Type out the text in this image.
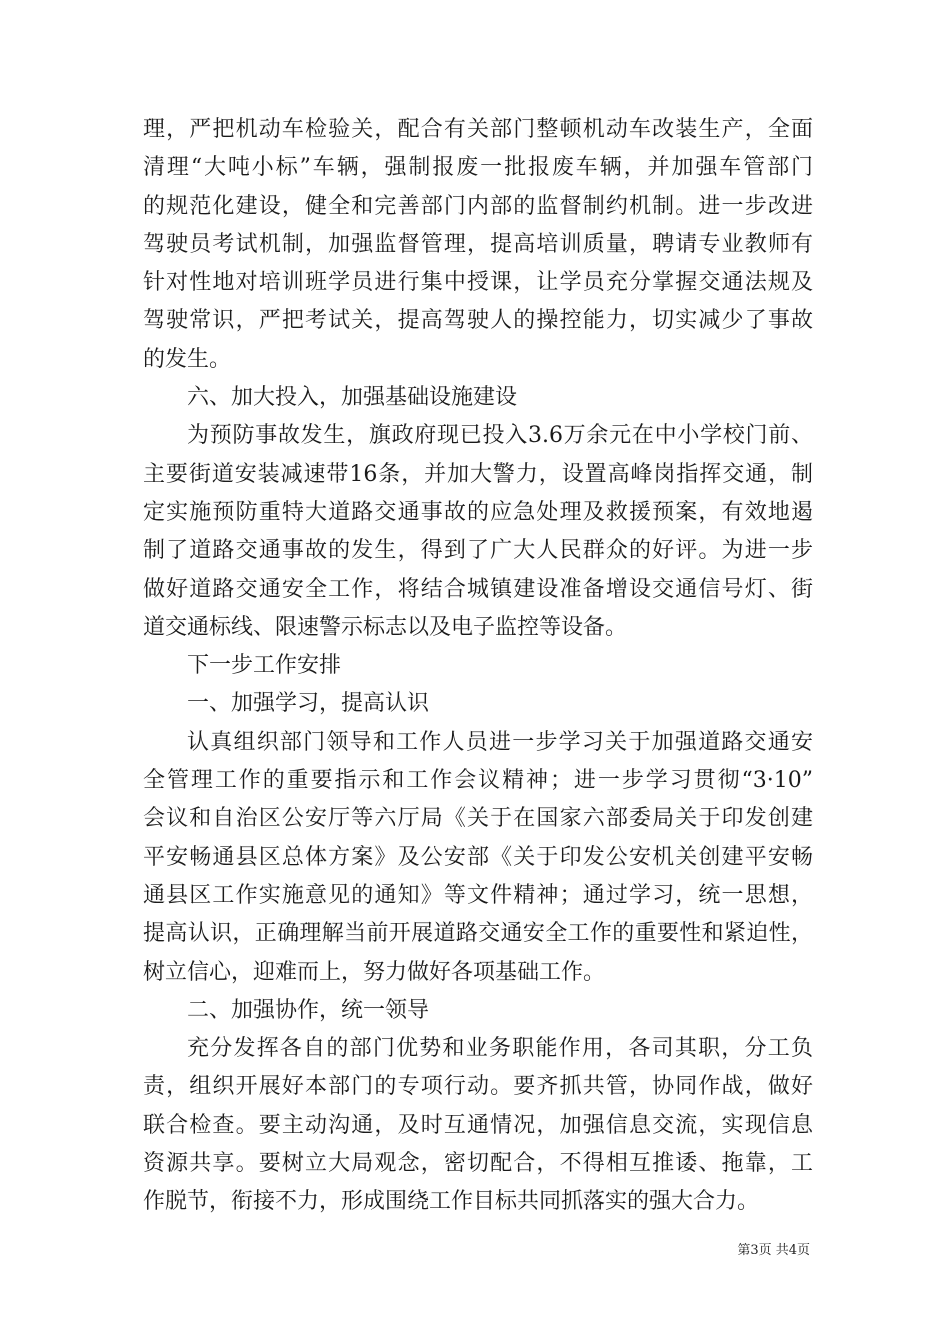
理，严把机动车检验关，配合有关部门整顿机动车改装生产，全面
清理“大吨小标”车辆，强制报废一批报废车辆，并加强车管部门
的规范化建设，健全和完善部门内部的监督制约机制。进一步改进
驾驶员考试机制，加强监督管理，提高培训质量，聘请专业教师有
针对性地对培训班学员进行集中授课，让学员充分掌握交通法规及
驾驶常识，严把考试关，提高驾驶人的操控能力，切实减少了事故
的发生。
六、加大投入，加强基础设施建设
为预防事故发生，旗政府现已投入3.6万余元在中小学校门前、
主要街道安装减速带16条，并加大警力，设置高峰岗指挥交通，制
定实施预防重特大道路交通事故的应急处理及救援预案，有效地遏
制了道路交通事故的发生，得到了广大人民群众的好评。为进一步
做好道路交通安全工作，将结合城镇建设准备增设交通信号灯、街
道交通标线、限速警示标志以及电子监控等设备。
下一步工作安排
一、加强学习，提高认识
认真组织部门领导和工作人员进一步学习关于加强道路交通安
全管理工作的重要指示和工作会议精神；进一步学习贯彻“3·10”
会议和自治区公安厅等六厅局《关于在国家六部委局关于印发创建
平安畅通县区总体方案》及公安部《关于印发公安机关创建平安畅
通县区工作实施意见的通知》等文件精神；通过学习，统一思想，
提高认识，正确理解当前开展道路交通安全工作的重要性和紧迫性，
树立信心，迎难而上，努力做好各项基础工作。
二、加强协作，统一领导
充分发挥各自的部门优势和业务职能作用，各司其职，分工负
责，组织开展好本部门的专项行动。要齐抓共管，协同作战，做好
联合检查。要主动沟通，及时互通情况，加强信息交流，实现信息
资源共享。要树立大局观念，密切配合，不得相互推诿、拖靠，工
作脱节，衔接不力，形成围绕工作目标共同抓落实的强大合力。
第3页 共4页
